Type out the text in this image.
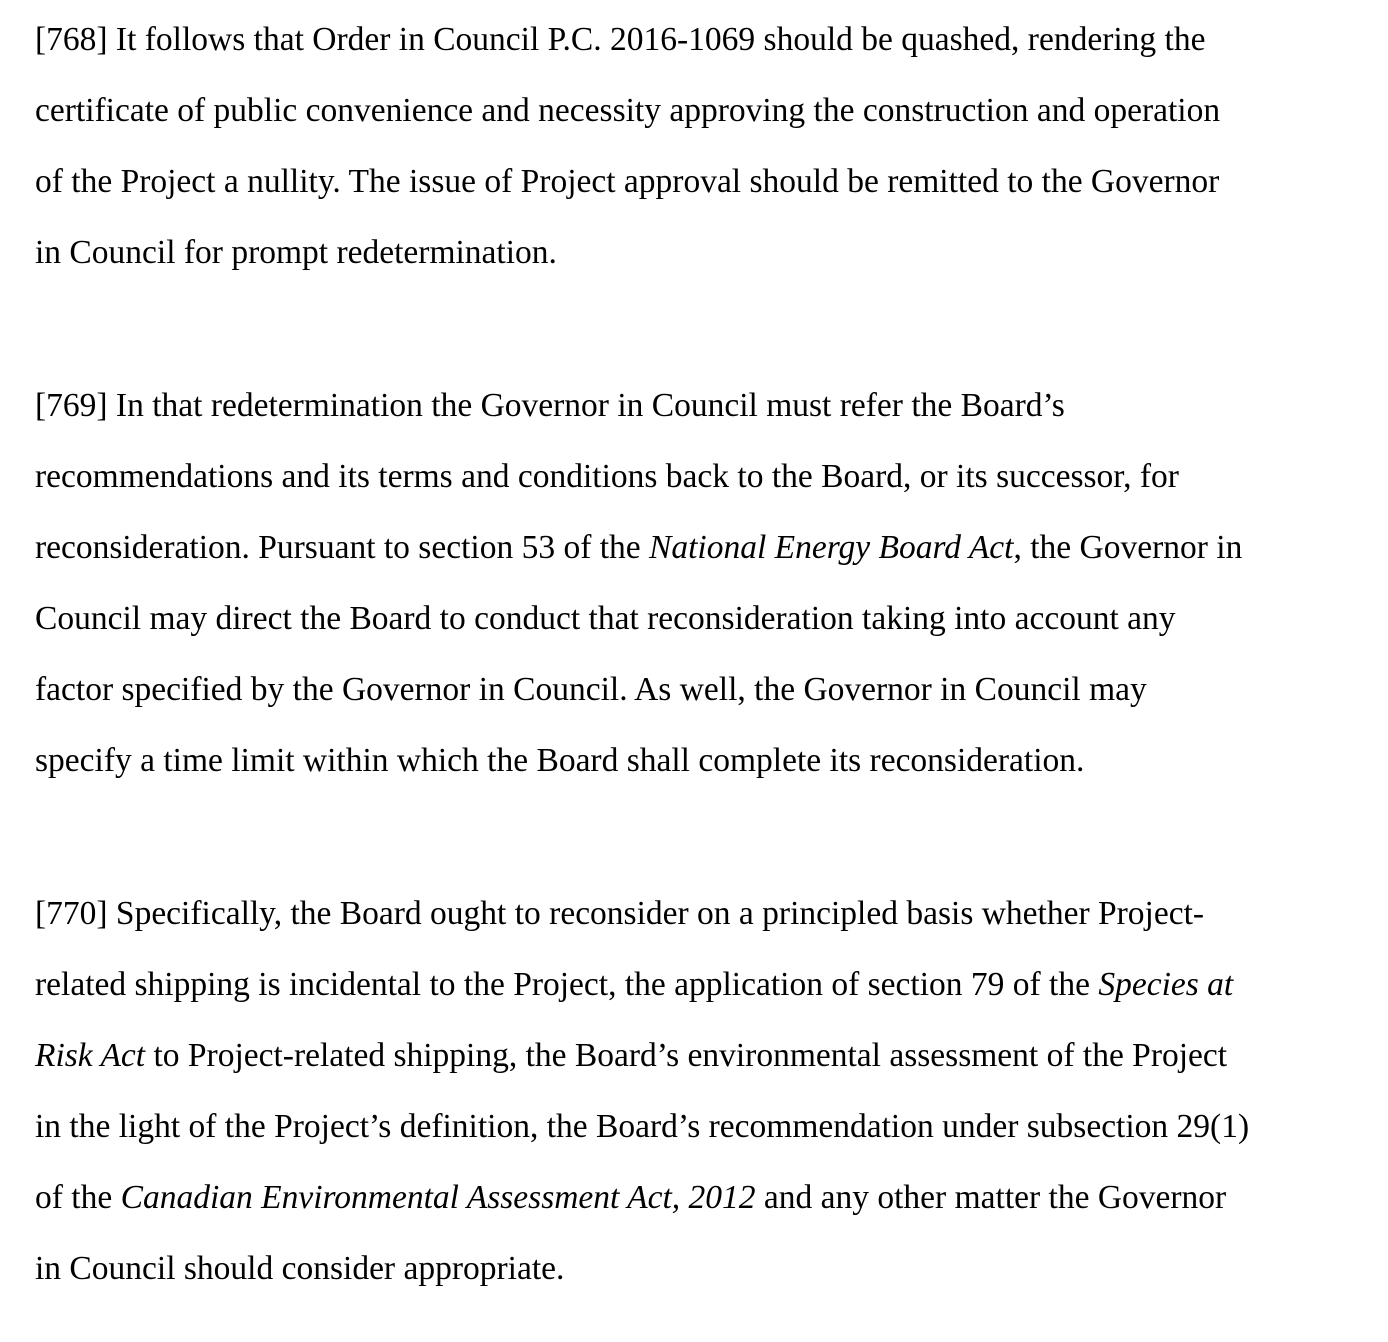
[768] It follows that Order in Council P.C. 2016-1069 should be quashed, rendering the
certificate of public convenience and necessity approving the construction and operation
of the Project a nullity. The issue of Project approval should be remitted to the Governor
in Council for prompt redetermination.
[769] In that redetermination the Governor in Council must refer the Board’s
recommendations and its terms and conditions back to the Board, or its successor, for
reconsideration. Pursuant to section 53 of the National Energy Board Act, the Governor in
Council may direct the Board to conduct that reconsideration taking into account any
factor specified by the Governor in Council. As well, the Governor in Council may
specify a time limit within which the Board shall complete its reconsideration.
[770] Specifically, the Board ought to reconsider on a principled basis whether Project-
related shipping is incidental to the Project, the application of section 79 of the Species at
Risk Act to Project-related shipping, the Board’s environmental assessment of the Project
in the light of the Project’s definition, the Board’s recommendation under subsection 29(1)
of the Canadian Environmental Assessment Act, 2012 and any other matter the Governor
in Council should consider appropriate.
